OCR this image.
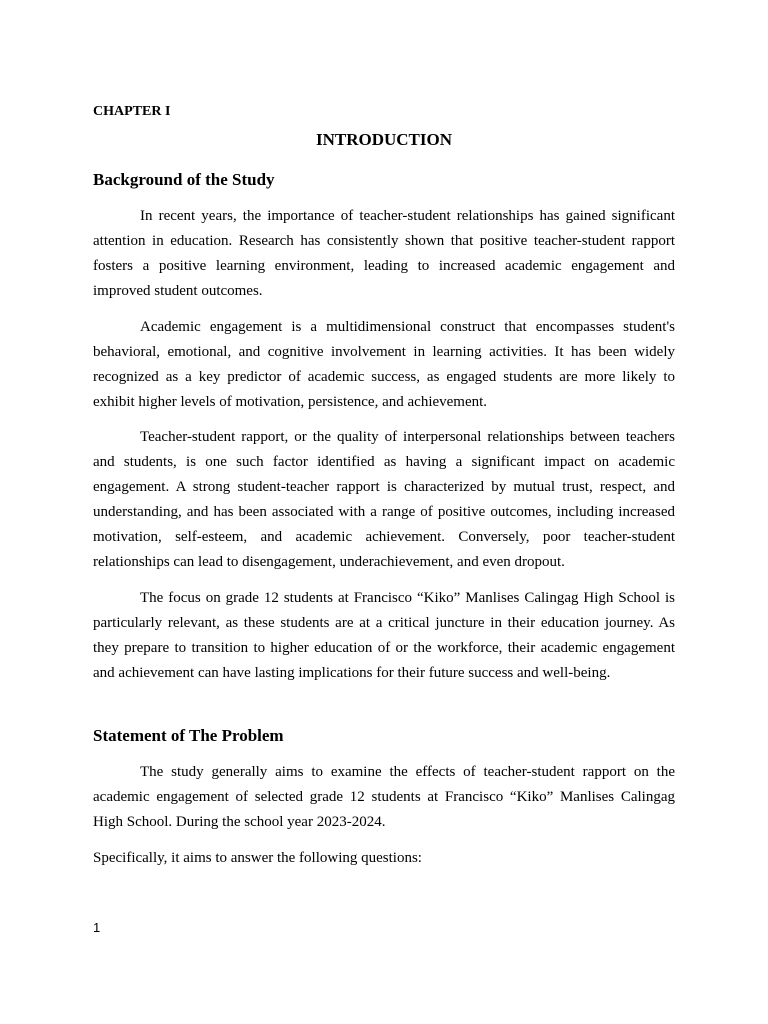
CHAPTER I

INTRODUCTION
Background of the Study

In recent years, the importance of teacher-student relationships has gained significant attention in education. Research has consistently shown that positive teacher-student rapport fosters a positive learning environment, leading to increased academic engagement and improved student outcomes.

Academic engagement is a multidimensional construct that encompasses student's behavioral, emotional, and cognitive involvement in learning activities. It has been widely recognized as a key predictor of academic success, as engaged students are more likely to exhibit higher levels of motivation, persistence, and achievement.

Teacher-student rapport, or the quality of interpersonal relationships between teachers and students, is one such factor identified as having a significant impact on academic engagement. A strong student-teacher rapport is characterized by mutual trust, respect, and understanding, and has been associated with a range of positive outcomes, including increased motivation, self-esteem, and academic achievement. Conversely, poor teacher-student relationships can lead to disengagement, underachievement, and even dropout.

The focus on grade 12 students at Francisco “Kiko” Manlises Calingag High School is particularly relevant, as these students are at a critical juncture in their education journey. As they prepare to transition to higher education of or the workforce, their academic engagement and achievement can have lasting implications for their future success and well-being.

Statement of The Problem

The study generally aims to examine the effects of teacher-student rapport on the academic engagement of selected grade 12 students at Francisco “Kiko” Manlises Calingag High School. During the school year 2023-2024.

Specifically, it aims to answer the following questions:

1
